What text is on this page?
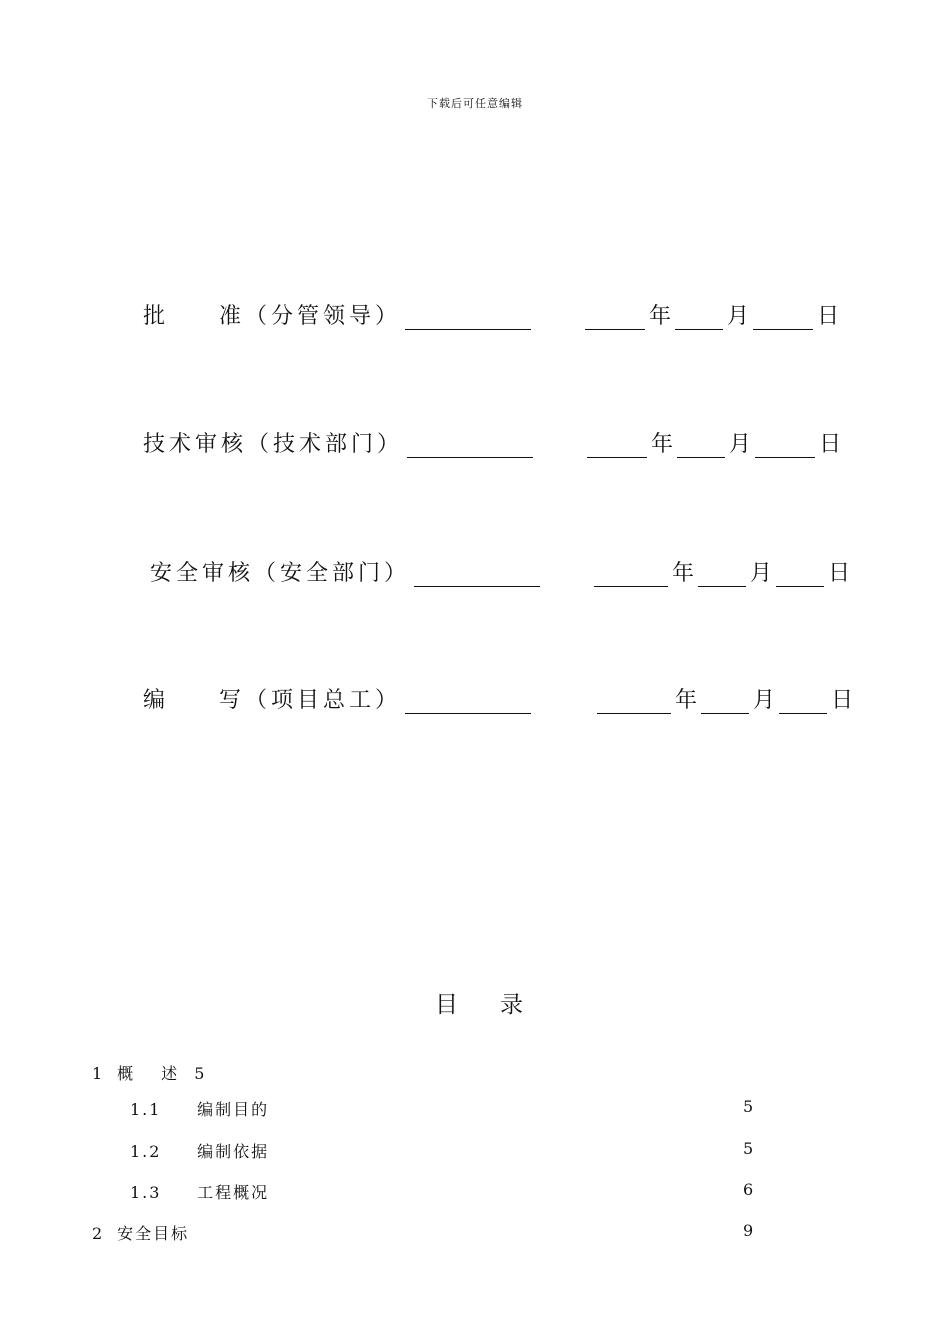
下载后可任意编辑
批 准（分管领导）	年	月	日
技术审核 （技术部门）	年	月	日
安全审核 （安全部门）	年	月	日
编 写（项目总工）	年	月	日
目录
1 概　述 5
1.1 编制目的	5
1.2 编制依据	5
1.3 工程概况	6
2 安全目标	9
